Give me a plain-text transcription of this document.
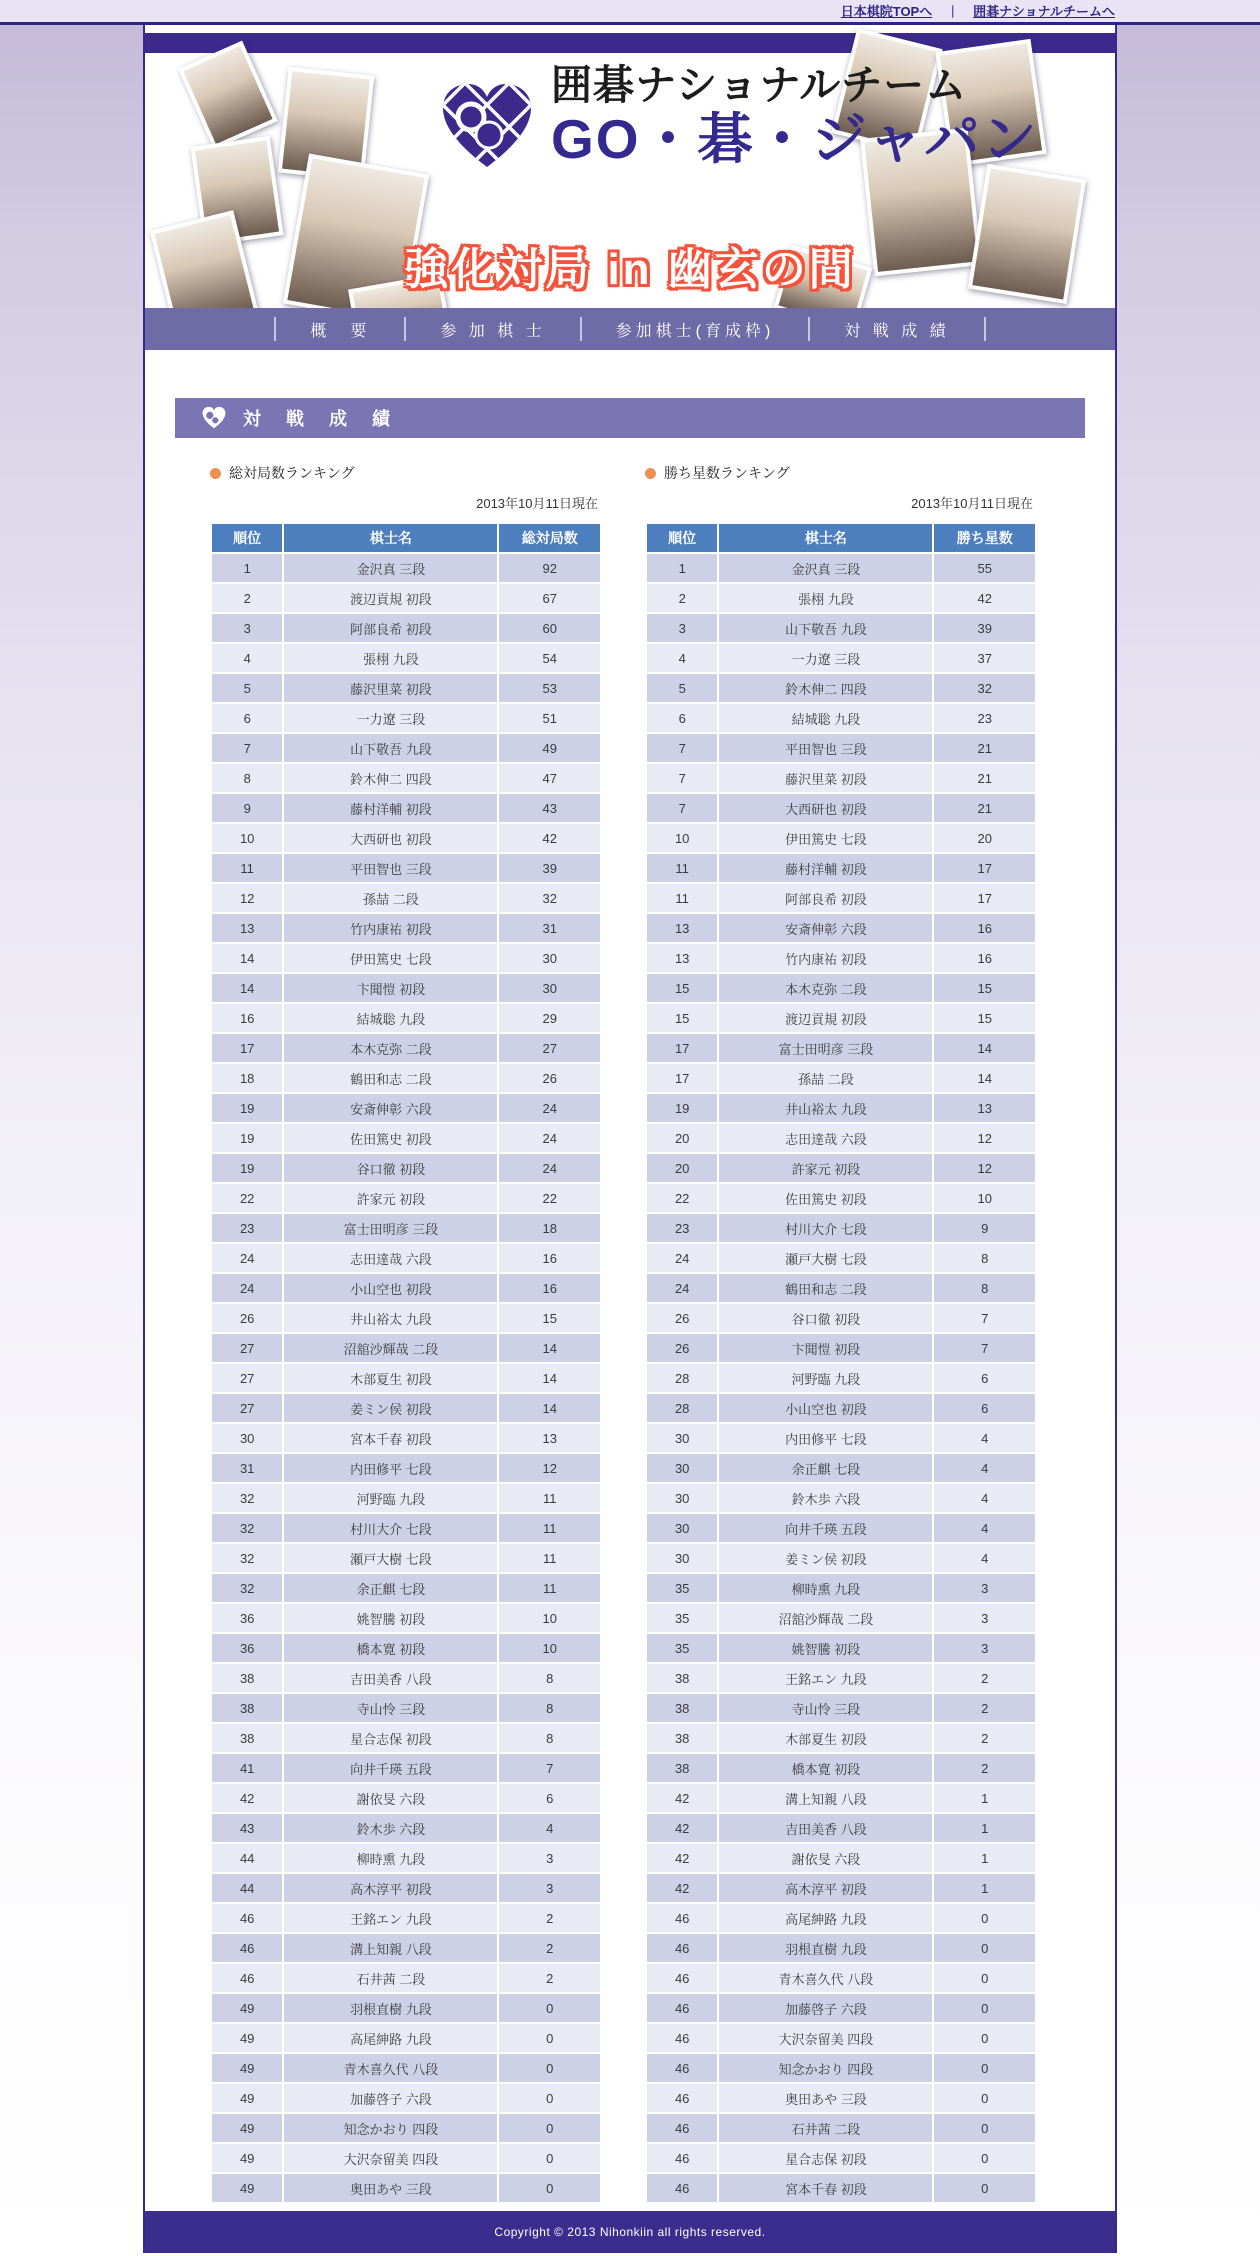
日本棋院TOPへ ｜ 囲碁ナショナルチームへ
囲碁ナショナルチーム
GO・碁・ジャパン
強化対局 in 幽玄の間
概　要	参 加 棋 士	参加棋士(育成枠)	対 戦 成 績
対 戦 成 績
総対局数ランキング
2013年10月11日現在
順位	棋士名	総対局数
1	金沢真 三段	92
2	渡辺貢規 初段	67
3	阿部良希 初段	60
4	張栩 九段	54
5	藤沢里菜 初段	53
6	一力遼 三段	51
7	山下敬吾 九段	49
8	鈴木伸二 四段	47
9	藤村洋輔 初段	43
10	大西研也 初段	42
11	平田智也 三段	39
12	孫喆 二段	32
13	竹内康祐 初段	31
14	伊田篤史 七段	30
14	卞聞愷 初段	30
16	結城聡 九段	29
17	本木克弥 二段	27
18	鶴田和志 二段	26
19	安斎伸彰 六段	24
19	佐田篤史 初段	24
19	谷口徹 初段	24
22	許家元 初段	22
23	富士田明彦 三段	18
24	志田達哉 六段	16
24	小山空也 初段	16
26	井山裕太 九段	15
27	沼舘沙輝哉 二段	14
27	木部夏生 初段	14
27	姜ミン侯 初段	14
30	宮本千春 初段	13
31	内田修平 七段	12
32	河野臨 九段	11
32	村川大介 七段	11
32	瀬戸大樹 七段	11
32	余正麒 七段	11
36	姚智騰 初段	10
36	橋本寛 初段	10
38	吉田美香 八段	8
38	寺山怜 三段	8
38	星合志保 初段	8
41	向井千瑛 五段	7
42	謝依旻 六段	6
43	鈴木歩 六段	4
44	柳時熏 九段	3
44	高木淳平 初段	3
46	王銘エン 九段	2
46	溝上知親 八段	2
46	石井茜 二段	2
49	羽根直樹 九段	0
49	高尾紳路 九段	0
49	青木喜久代 八段	0
49	加藤啓子 六段	0
49	知念かおり 四段	0
49	大沢奈留美 四段	0
49	奥田あや 三段	0
勝ち星数ランキング
2013年10月11日現在
順位	棋士名	勝ち星数
1	金沢真 三段	55
2	張栩 九段	42
3	山下敬吾 九段	39
4	一力遼 三段	37
5	鈴木伸二 四段	32
6	結城聡 九段	23
7	平田智也 三段	21
7	藤沢里菜 初段	21
7	大西研也 初段	21
10	伊田篤史 七段	20
11	藤村洋輔 初段	17
11	阿部良希 初段	17
13	安斎伸彰 六段	16
13	竹内康祐 初段	16
15	本木克弥 二段	15
15	渡辺貢規 初段	15
17	富士田明彦 三段	14
17	孫喆 二段	14
19	井山裕太 九段	13
20	志田達哉 六段	12
20	許家元 初段	12
22	佐田篤史 初段	10
23	村川大介 七段	9
24	瀬戸大樹 七段	8
24	鶴田和志 二段	8
26	谷口徹 初段	7
26	卞聞愷 初段	7
28	河野臨 九段	6
28	小山空也 初段	6
30	内田修平 七段	4
30	余正麒 七段	4
30	鈴木歩 六段	4
30	向井千瑛 五段	4
30	姜ミン侯 初段	4
35	柳時熏 九段	3
35	沼舘沙輝哉 二段	3
35	姚智騰 初段	3
38	王銘エン 九段	2
38	寺山怜 三段	2
38	木部夏生 初段	2
38	橋本寛 初段	2
42	溝上知親 八段	1
42	吉田美香 八段	1
42	謝依旻 六段	1
42	高木淳平 初段	1
46	高尾紳路 九段	0
46	羽根直樹 九段	0
46	青木喜久代 八段	0
46	加藤啓子 六段	0
46	大沢奈留美 四段	0
46	知念かおり 四段	0
46	奥田あや 三段	0
46	石井茜 二段	0
46	星合志保 初段	0
46	宮本千春 初段	0
Copyright © 2013 Nihonkiin all rights reserved.
